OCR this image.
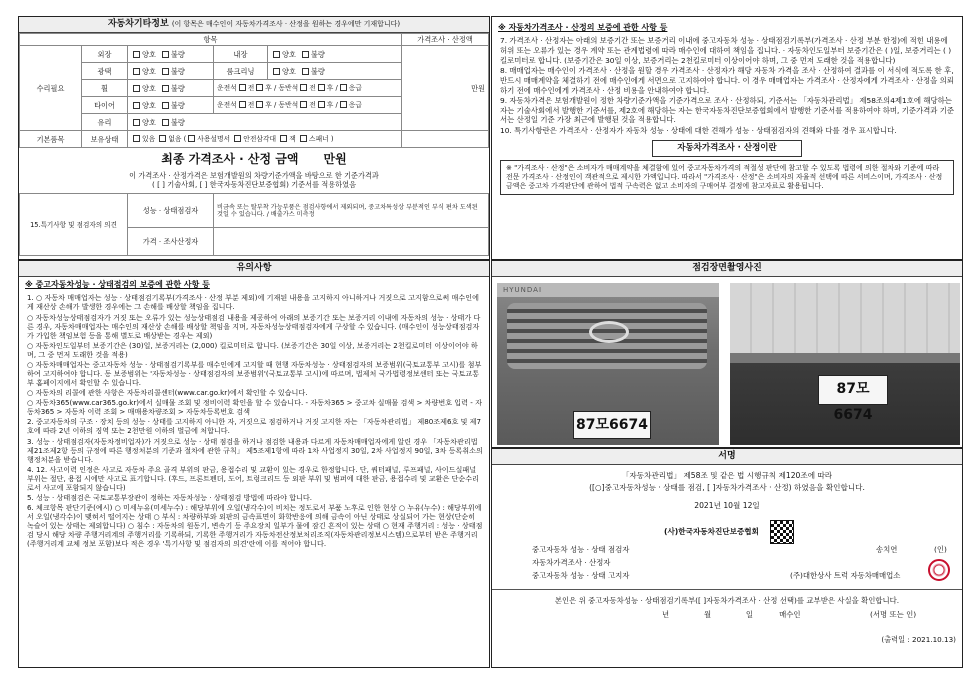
자동차기타정보 (이 항목은 매수인이 자동차가격조사 · 산정을 원하는 경우에만 기재합니다)
항목					가격조사 · 산정액
수리필요	외장	양호 불량	내장	양호 불량	만원
	광택	양호 불량	룸크리닝	양호 불량	
	휠	양호 불량	운전석 전 후 / 동반석 전 후 / 응급		
	타이어	양호 불량	운전석 전 후 / 동반석 전 후 / 응급		
	유리	양호 불량			
기본품목	보유상태	있음 없음 ( 사용설명서 안전삼각대 잭 스패너 )			

최종 가격조사 · 산정 금액 만원
이 가격조사 · 산정가격은 보험개발원의 차량기준가액을 바탕으로 한 기준가격과
( [ ] 기술사회, [ ] 한국자동차진단보증협회) 기준서를 적용하였음					

15.특기사항 및 점검자의 의견		성능 · 상태점검자	비금속 또는 탈부착 가능부품은 점검사항에서 제외되며, 중고차특성상 부분적인 부식 편차 도색된 것일 수 있습니다. / 배출가스 미측정		
		가격 · 조사산정자			
※ 자동차가격조사 · 산정의 보증에 관한 사항 등
7. 가격조사 · 산정자는 아래의 보증기간 또는 보증거리 이내에 중고자동차 성능 · 상태점검기록부(가격조사 · 산정 부분 한정)에 적힌 내용에 허위 또는 오류가 있는 경우 계약 또는 관계법령에 따라 매수인에 대하여 책임을 집니다. · 자동차인도일부터 보증기간은 ( )일, 보증거리는 ( )킬로미터로 합니다. (보증기간은 30일 이상, 보증거리는 2천킬로미터 이상이어야 하며, 그 중 먼저 도래한 것을 적용합니다)
8. 매매업자는 매수인이 가격조사 · 산정을 원할 경우 가격조사 · 산정자가 해당 자동차 가격을 조사 · 산정하여 결과를 이 서식에 적도록 한 후, 반드시 매매계약을 체결하기 전에 매수인에게 서면으로 고지하여야 합니다. 이 경우 매매업자는 가격조사 · 산정자에게 가격조사 · 산정을 의뢰하기 전에 매수인에게 가격조사 · 산정 비용을 안내하여야 합니다.
9. 자동차가격은 보험개발원이 정한 차량기준가액을 기준가격으로 조사 · 산정하되, 기준서는 「자동차관리법」 제58조의4제1호에 해당하는 자는 기술사회에서 발행한 기준서를, 제2호에 해당하는 자는 한국자동차진단보증협회에서 발행한 기준서를 적용하여야 하며, 기준가격과 기준서는 산정일 기준 가장 최근에 발행된 것을 적용합니다.
10. 특기사항란은 가격조사 · 산정자가 자동차 성능 · 상태에 대한 견해가 성능 · 상태점검자의 견해와 다를 경우 표시합니다.
자동차가격조사 · 산정이란
※ "가격조사 · 산정"은 소비자가 매매계약을 체결함에 있어 중고자동차가격의 적절성 판단에 참고할 수 있도록 법령에 의한 절차와 기준에 따라 전문 가격조사 · 산정인이 객관적으로 제시한 가액입니다. 따라서 "가격조사 · 산정"은 소비자의 자율적 선택에 따른 서비스이며, 가격조사 · 산정 금액은 중고차 가격판단에 관하여 법적 구속력은 없고 소비자의 구매여부 결정에 참고자료로 활용됩니다.
유의사항
※ 중고자동차성능 · 상태점검의 보증에 관한 사항 등
1. ○ 자동차 매매업자는 성능 · 상태점검기록부(가격조사 · 산정 부분 제외)에 기재된 내용을 고지하지 아니하거나 거짓으로 고지함으로써 매수인에게 재산상 손해가 발생한 경우에는 그 손해를 배상할 책임을 집니다.
○ 자동차성능상태점검자가 거짓 또는 오류가 있는 성능상태점검 내용을 제공하여 아래의 보증기간 또는 보증거리 이내에 자동차의 성능 · 상태가 다른 경우, 자동차매매업자는 매수인의 재산상 손해를 배상할 책임을 지며, 자동차성능상태점검자에게 구상할 수 있습니다. (매수인이 성능상태점검자가 가입한 책임보험 등을 통해 별도로 배상받는 경우는 제외)
○ 자동차인도일부터 보증기간은 (30)일, 보증거리는 (2,000) 킬로미터로 합니다. (보증기간은 30일 이상, 보증거리는 2천킬로미터 이상이어야 하며, 그 중 먼저 도래한 것을 적용)
○ 자동차매매업자는 중고자동차 성능 · 상태점검기록부를 매수인에게 고지할 때 현행 자동차성능 · 상태점검자의 보증범위(국토교통부 고시)를 첨부하여 고지하여야 합니다. 동 보증범위는 '자동차성능 · 상태점검자의 보증범위'(국토교통부 고시)에 따르며, 법제처 국가법령정보센터 또는 국토교통부 홈페이지에서 확인할 수 있습니다.
○ 자동차의 리콜에 관한 사항은 자동차리콜센터(www.car.go.kr)에서 확인할 수 있습니다.
○ 자동차365(www.car365.go.kr)에서 실매물 조회 및 정비이력 확인을 할 수 있습니다. - 자동차365 > 중고차 실매물 검색 > 차량번호 입력 - 자동차365 > 자동차 이력 조회 > 매매용차량조회 > 자동차등록번호 검색
2. 중고자동차의 구조 · 장치 등의 성능 · 상태를 고지하지 아니한 자, 거짓으로 점검하거나 거짓 고지한 자는 「자동차관리법」 제80조제6호 및 제7호에 따라 2년 이하의 징역 또는 2천만원 이하의 벌금에 처합니다.
3. 성능 · 상태점검자(자동차정비업자)가 거짓으로 성능 · 상태 점검을 하거나 점검한 내용과 다르게 자동차매매업자에게 알린 경우 「자동차관리법 제21조제2항 등의 규정에 따른 행정처분의 기준과 절차에 관한 규칙」 제5조제1항에 따라 1차 사업정지 30일, 2차 사업정지 90일, 3차 등록취소의 행정처분을 받습니다.
4. 12. 사고이력 인정은 사고로 자동차 주요 골격 부위의 판금, 용접수리 및 교환이 있는 경우로 한정합니다. 단, 쿼터패널, 루프패널, 사이드실패널 부위는 절단, 용접 시에만 사고로 표기합니다. (후드, 프론트펜더, 도어, 트렁크리드 등 외판 부위 및 범퍼에 대한 판금, 용접수리 및 교환은 단순수리로서 사고에 포함되지 않습니다)
5. 성능 · 상태점검은 국토교통부장관이 정하는 자동차성능 · 상태점검 방법에 따라야 합니다.
6. 체크항목 판단기준(예시) ○ 미세누유(미세누수) : 해당부위에 오일(냉각수)이 비치는 정도로서 부품 노후로 인한 현상 ○ 누유(누수) : 해당부위에서 오일(냉각수)이 맺혀서 떨어지는 상태 ○ 부식 : 차량하부와 외판의 금속표면이 화학반응에 의해 금속이 아닌 상태로 상실되어 가는 현상(단순히 녹슬어 있는 상태는 제외합니다) ○ 침수 : 자동차의 원동기, 변속기 등 주요장치 일부가 물에 잠긴 흔적이 있는 상태 ○ 현재 주행거리 : 성능 · 상태점검 당시 해당 차량 주행거리계의 주행거리를 기록하되, 기록한 주행거리가 자동차전산정보처리조직(자동차관리정보시스템)으로부터 받은 주행거리(주행거리계 교체 정보 포함)보다 적은 경우 '특기사항 및 점검자의 의견'란에 이를 적어야 합니다.
점검장면촬영사진
HYUNDAI
87모6674
87모6674
서명
「자동차관리법」 제58조 및 같은 법 시행규칙 제120조에 따라
([○]중고자동차성능 · 상태를 점검, [ ]자동차가격조사 · 산정) 하였음을 확인합니다.
2021년 10월 12일
(사)한국자동차진단보증협회
중고자동차 성능 · 상태 점검자	송치연	(인)
자동차가격조사 · 산정자
중고자동차 성능 · 상태 고지자	(주)대한상사 트럭 자동차매매업소
본인은 위 중고자동차성능 · 상태점검기록부([ ]자동차가격조사 · 산정 선택)를 교부받은 사실을 확인합니다.
년	월	일	매수인	(서명 또는 인)
(출력일 : 2021.10.13)
